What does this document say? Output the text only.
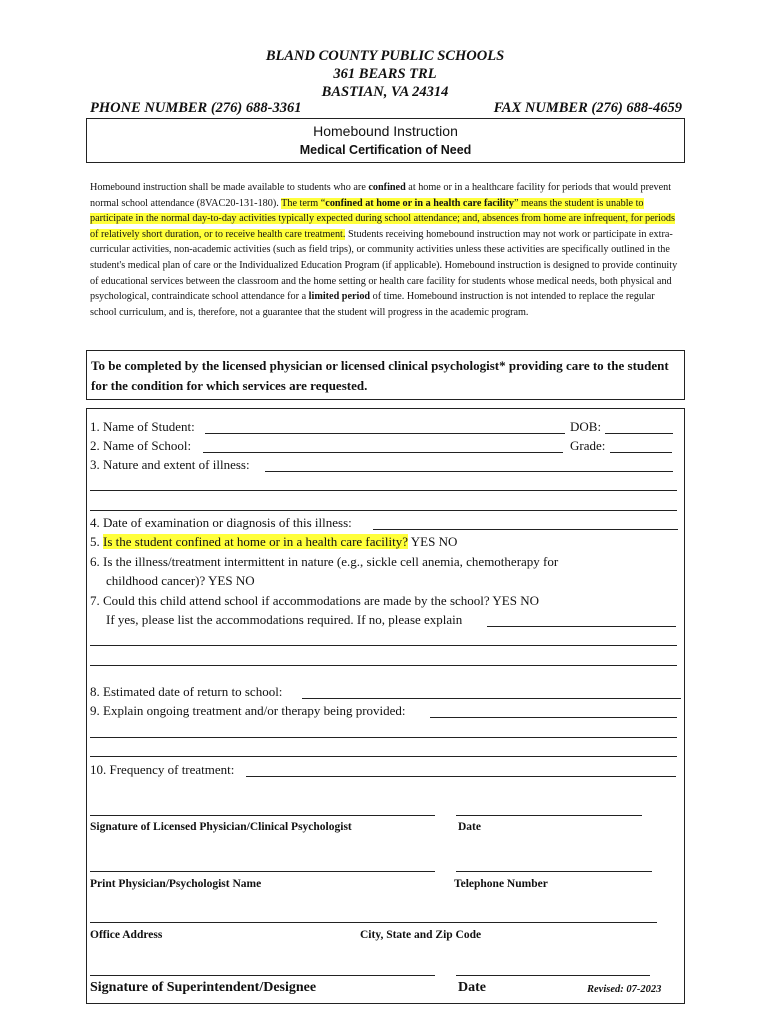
BLAND COUNTY PUBLIC SCHOOLS
361 BEARS TRL
BASTIAN, VA 24314
PHONE NUMBER (276) 688-3361	FAX NUMBER (276) 688-4659
Homebound Instruction
Medical Certification of Need
Homebound instruction shall be made available to students who are confined at home or in a healthcare facility for periods that would prevent normal school attendance (8VAC20-131-180). The term “confined at home or in a health care facility” means the student is unable to participate in the normal day-to-day activities typically expected during school attendance; and, absences from home are infrequent, for periods of relatively short duration, or to receive health care treatment. Students receiving homebound instruction may not work or participate in extra-curricular activities, non-academic activities (such as field trips), or community activities unless these activities are specifically outlined in the student's medical plan of care or the Individualized Education Program (if applicable). Homebound instruction is designed to provide continuity of educational services between the classroom and the home setting or health care facility for students whose medical needs, both physical and psychological, contraindicate school attendance for a limited period of time. Homebound instruction is not intended to replace the regular school curriculum, and is, therefore, not a guarantee that the student will progress in the academic program.
To be completed by the licensed physician or licensed clinical psychologist* providing care to the student for the condition for which services are requested.
1. Name of Student:	DOB:
2. Name of School:	Grade:
3. Nature and extent of illness:
4. Date of examination or diagnosis of this illness:
5. Is the student confined at home or in a health care facility? YES NO
6. Is the illness/treatment intermittent in nature (e.g., sickle cell anemia, chemotherapy for
childhood cancer)? YES NO
7. Could this child attend school if accommodations are made by the school? YES NO
If yes, please list the accommodations required. If no, please explain
8. Estimated date of return to school:
9. Explain ongoing treatment and/or therapy being provided:
10. Frequency of treatment:
Signature of Licensed Physician/Clinical Psychologist	Date
Print Physician/Psychologist Name	Telephone Number
Office Address	City, State and Zip Code
Signature of Superintendent/Designee	Date	Revised: 07-2023
